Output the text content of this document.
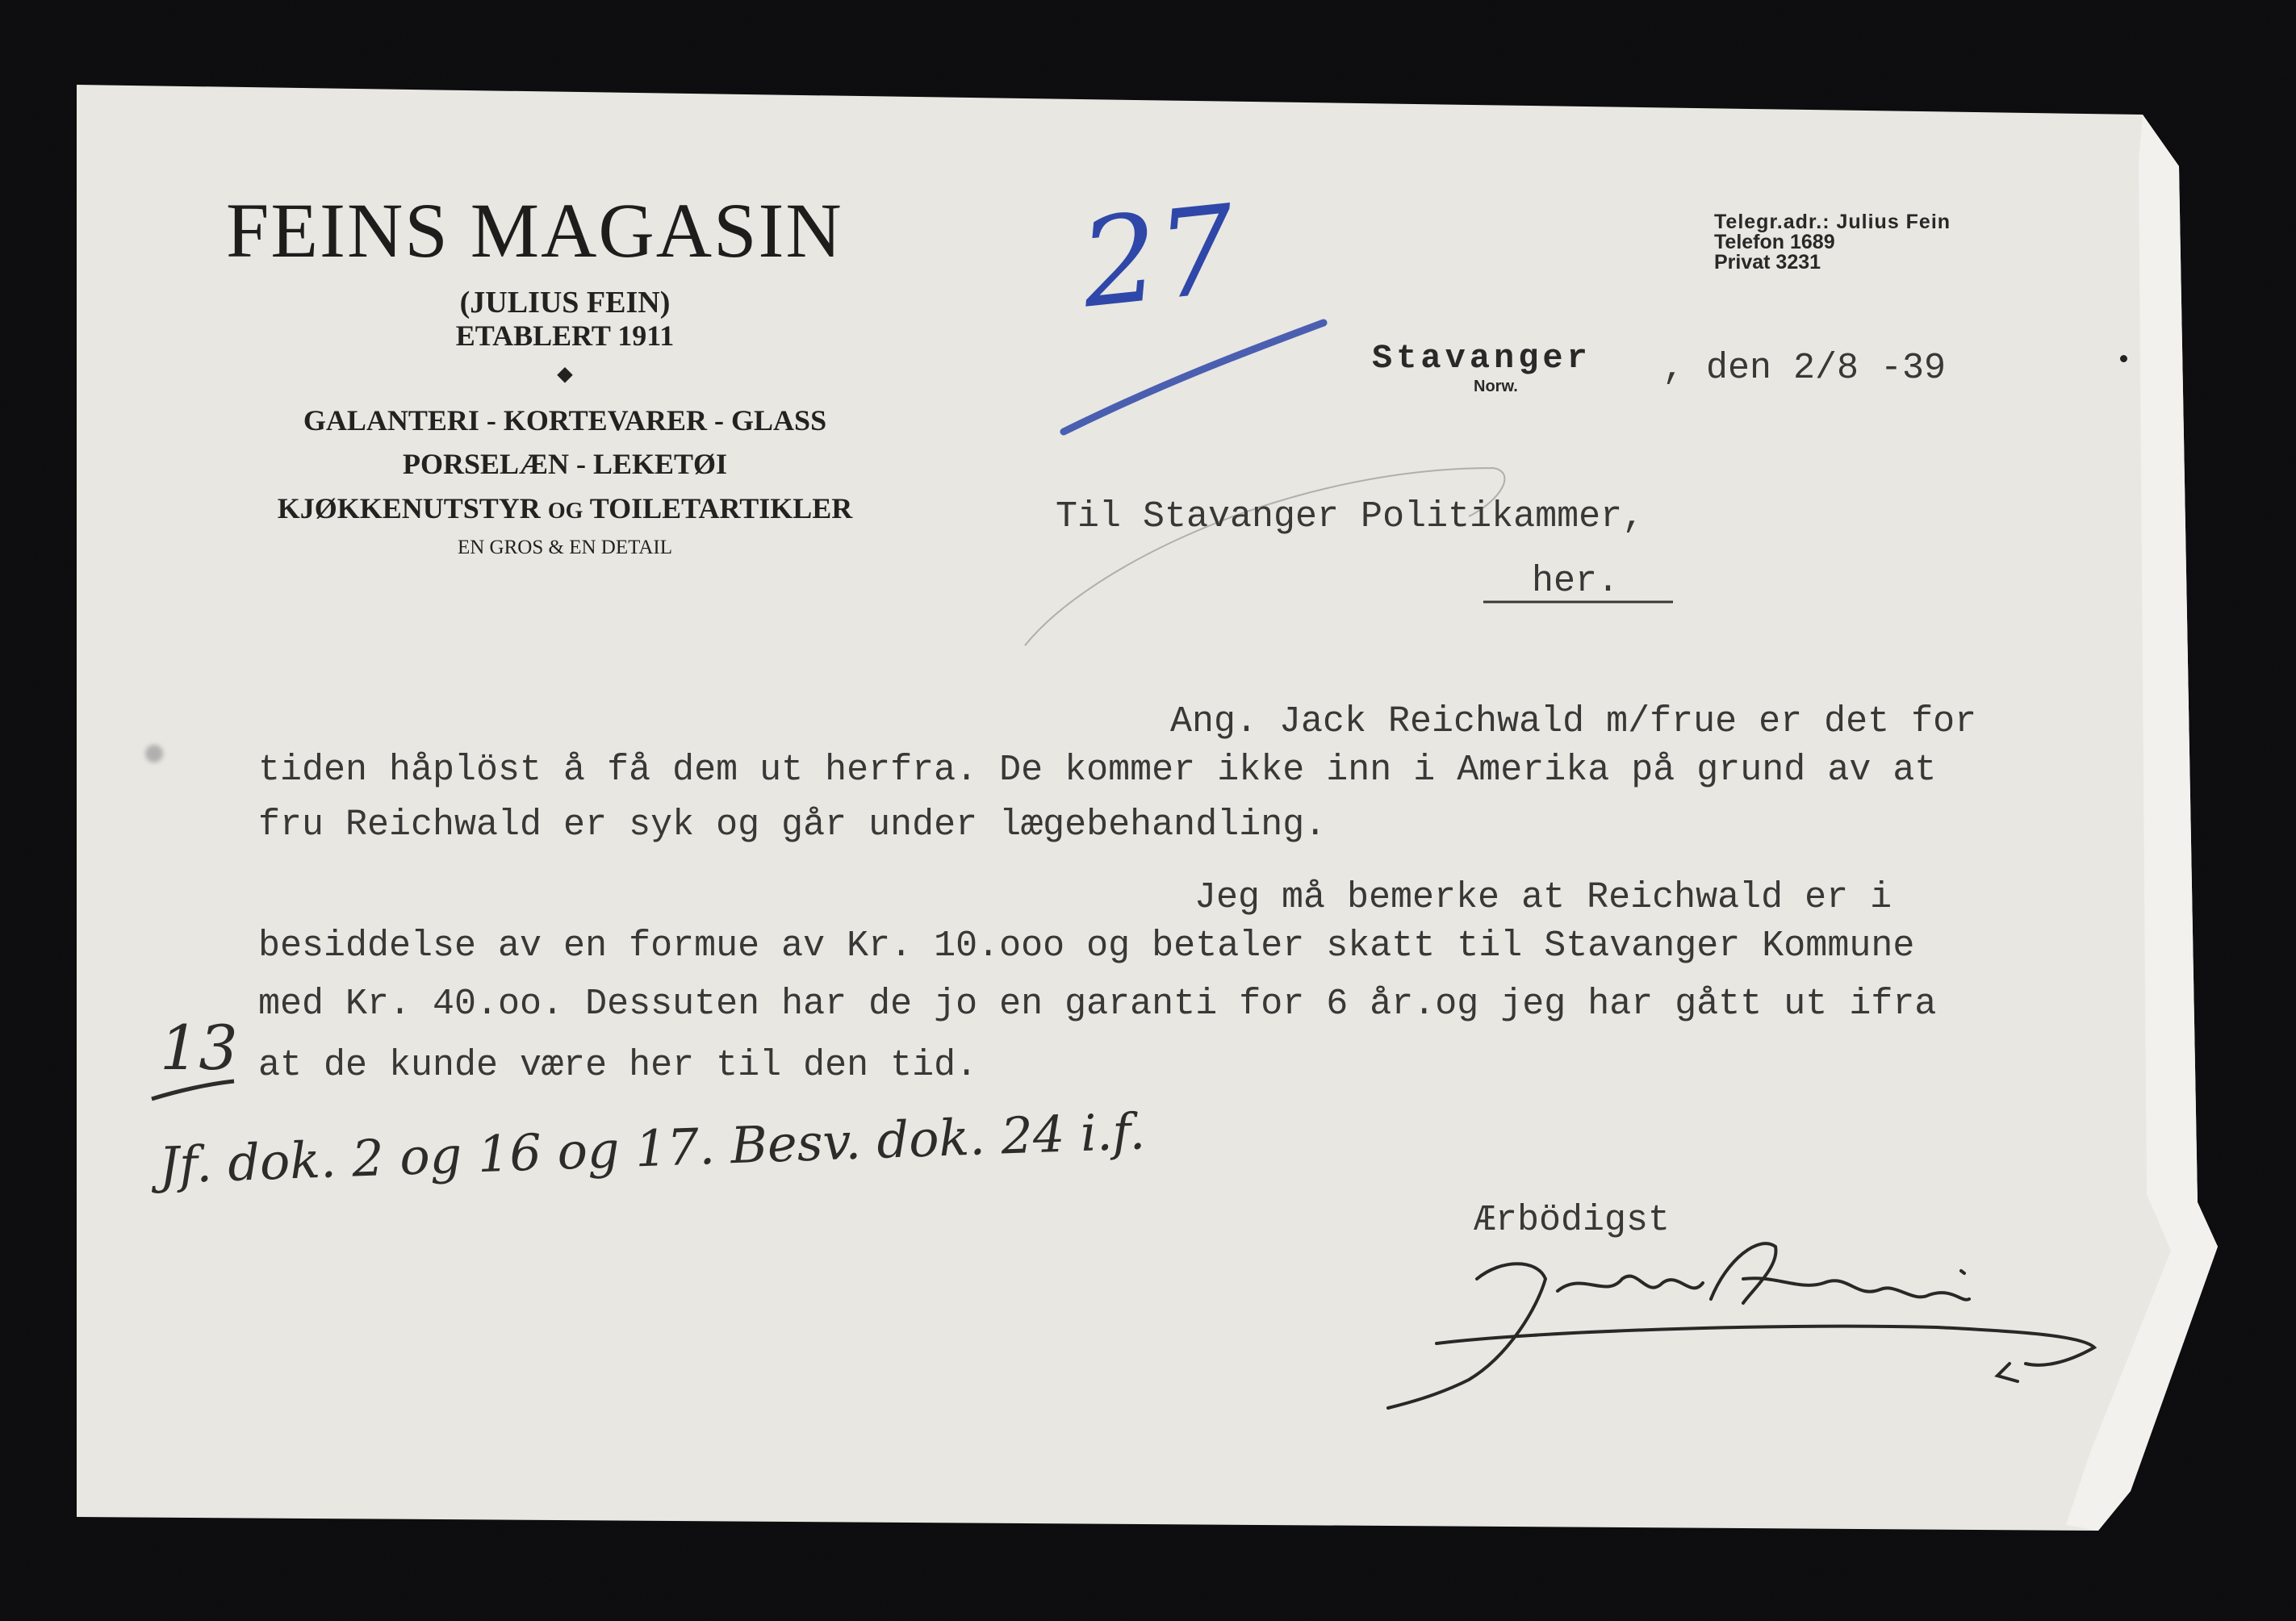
FEINS MAGASIN
(JULIUS FEIN)
ETABLERT 1911
◆
GALANTERI - KORTEVARER - GLASS
PORSELÆN - LEKETØI
KJØKKENUTSTYR OG TOILETARTIKLER
EN GROS & EN DETAIL
Telegr.adr.: Julius Fein
Telefon 1689
Privat 3231
27
Stavanger
Norw.	, den 2/8 -39
Til Stavanger Politikammer,
her.
Ang. Jack Reichwald m/frue er det for
tiden håplöst å få dem ut herfra. De kommer ikke inn i Amerika på grund av at
fru Reichwald er syk og går under lægebehandling.
Jeg må bemerke at Reichwald er i
besiddelse av en formue av Kr. 10.ooo og betaler skatt til Stavanger Kommune
med Kr. 40.oo. Dessuten har de jo en garanti for 6 år.og jeg har gått ut ifra
at de kunde være her til den tid.
13
Jf. dok. 2 og 16 og 17. Besv. dok. 24 i.f.
Ærbödigst
